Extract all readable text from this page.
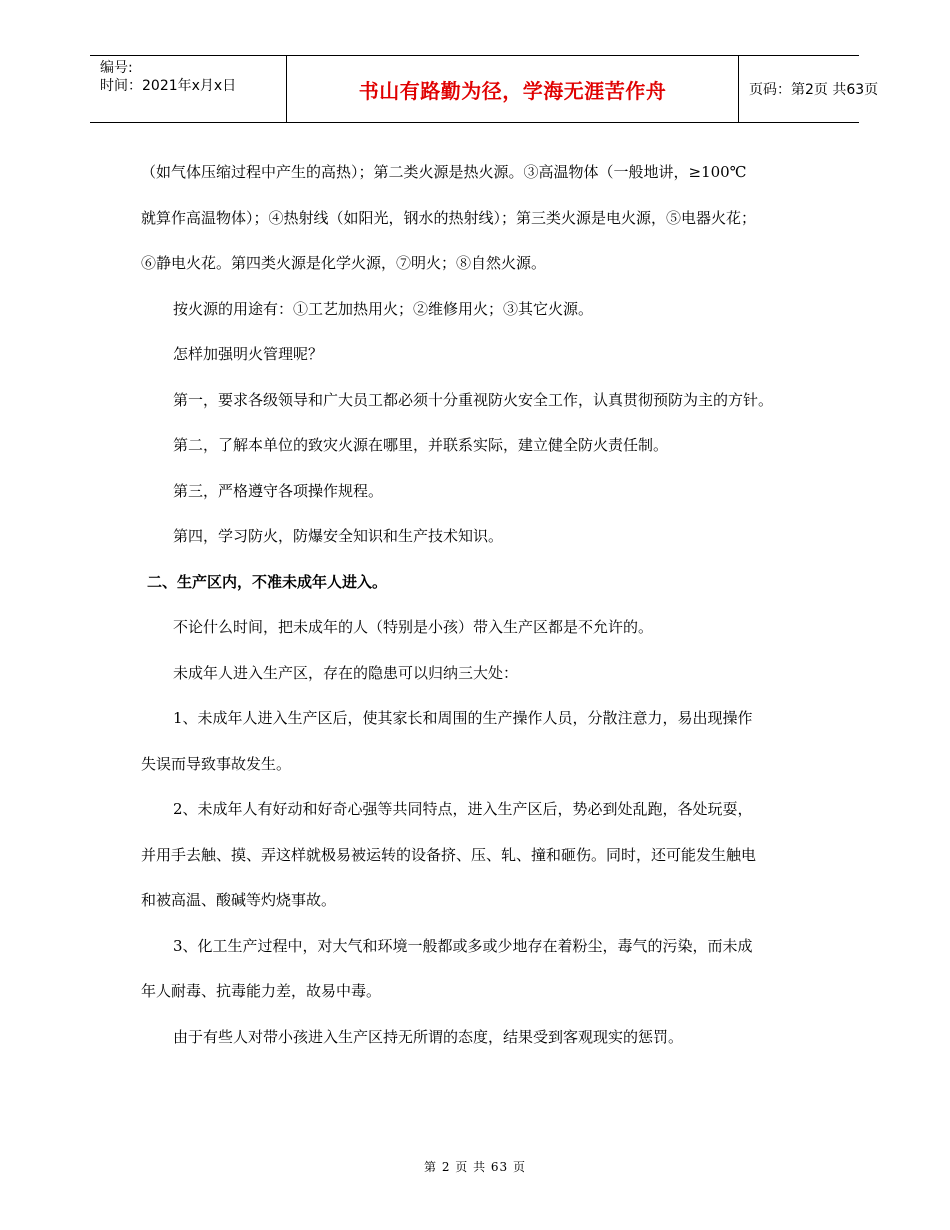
编号:
时间：2021年x月x日	书山有路勤为径，学海无涯苦作舟	页码：第2页 共63页
（如气体压缩过程中产生的高热）；第二类火源是热火源。③高温物体（一般地讲，≥100℃
就算作高温物体）；④热射线（如阳光，钢水的热射线）；第三类火源是电火源，⑤电器火花；
⑥静电火花。第四类火源是化学火源，⑦明火；⑧自然火源。
按火源的用途有：①工艺加热用火；②维修用火；③其它火源。
怎样加强明火管理呢？
第一，要求各级领导和广大员工都必须十分重视防火安全工作，认真贯彻预防为主的方针。
第二，了解本单位的致灾火源在哪里，并联系实际，建立健全防火责任制。
第三，严格遵守各项操作规程。
第四，学习防火，防爆安全知识和生产技术知识。
二、生产区内，不准未成年人进入。
不论什么时间，把未成年的人（特别是小孩）带入生产区都是不允许的。
未成年人进入生产区，存在的隐患可以归纳三大处：
1、未成年人进入生产区后，使其家长和周围的生产操作人员，分散注意力，易出现操作
失误而导致事故发生。
2、未成年人有好动和好奇心强等共同特点，进入生产区后，势必到处乱跑，各处玩耍，
并用手去触、摸、弄这样就极易被运转的设备挤、压、轧、撞和砸伤。同时，还可能发生触电
和被高温、酸碱等灼烧事故。
3、化工生产过程中，对大气和环境一般都或多或少地存在着粉尘，毒气的污染，而未成
年人耐毒、抗毒能力差，故易中毒。
由于有些人对带小孩进入生产区持无所谓的态度，结果受到客观现实的惩罚。
第 2 页 共 63 页
